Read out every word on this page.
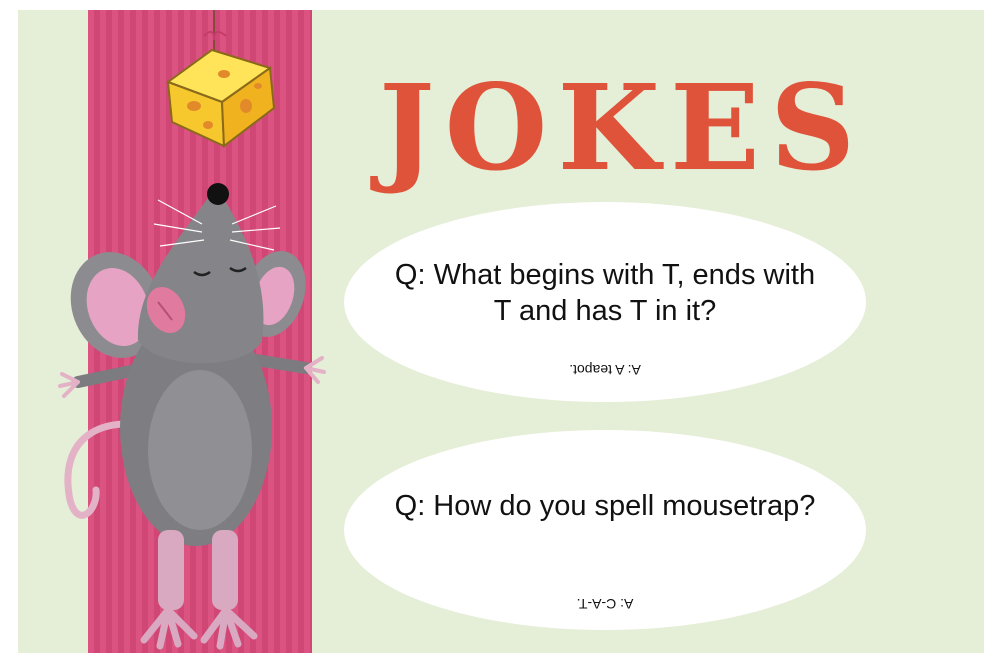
JOKES
Q: What begins with T, ends with T and has T in it?
A: A teapot.
Q: How do you spell mousetrap?
A: C-A-T.
